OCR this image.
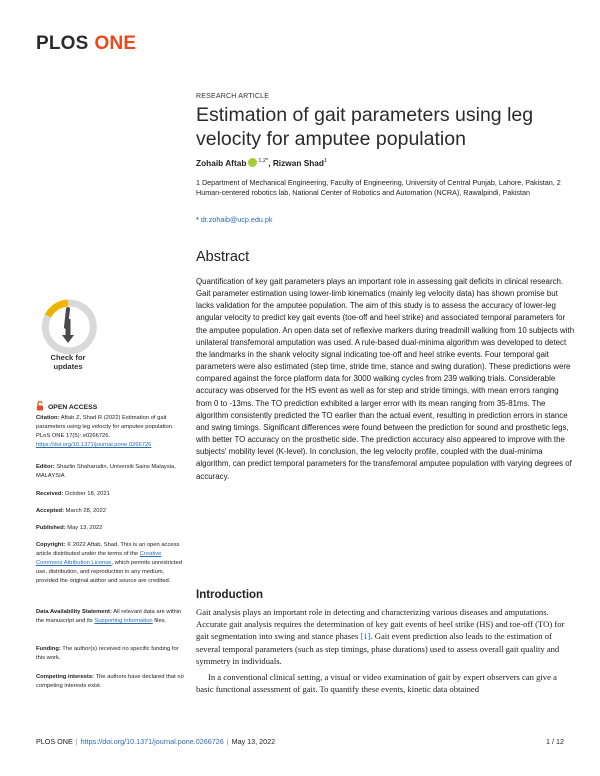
PLOS ONE
RESEARCH ARTICLE
Estimation of gait parameters using leg velocity for amputee population
Zohaib Aftab $^{1,2*}$, Rizwan Shad$^1$
1 Department of Mechanical Engineering, Faculty of Engineering, University of Central Punjab, Lahore, Pakistan, 2 Human-centered robotics lab, National Center of Robotics and Automation (NCRA), Rawalpindi, Pakistan
* dr.zohaib@ucp.edu.pk
Abstract

Quantification of key gait parameters plays an important role in assessing gait deficits in clinical research. Gait parameter estimation using lower-limb kinematics (mainly leg velocity data) has shown promise but lacks validation for the amputee population. The aim of this study is to assess the accuracy of lower-leg angular velocity to predict key gait events (toe-off and heel strike) and associated temporal parameters for the amputee population. An open data set of reflexive markers during treadmill walking from 10 subjects with unilateral transfemoral amputation was used. A rule-based dual-minima algorithm was developed to detect the landmarks in the shank velocity signal indicating toe-off and heel strike events. Four temporal gait parameters were also estimated (step time, stride time, stance and swing duration). These predictions were compared against the force platform data for 3000 walking cycles from 239 walking trials. Considerable accuracy was observed for the HS event as well as for step and stride timings, with mean errors ranging from 0 to -13ms. The TO prediction exhibited a larger error with its mean ranging from 35-81ms. The algorithm consistently predicted the TO earlier than the actual event, resulting in prediction errors in stance and swing timings. Significant differences were found between the prediction for sound and prosthetic legs, with better TO accuracy on the prosthetic side. The prediction accuracy also appeared to improve with the subjects' mobility level (K-level). In conclusion, the leg velocity profile, coupled with the dual-minima algorithm, can predict temporal parameters for the transfemoral amputee population with varying degrees of accuracy.

Introduction

Gait analysis plays an important role in detecting and characterizing various diseases and amputations. Accurate gait analysis requires the determination of key gait events of heel strike (HS) and toe-off (TO) for gait segmentation into swing and stance phases [1]. Gait event prediction also leads to the estimation of several temporal parameters (such as step timings, phase durations) used to assess overall gait quality and symmetry in individuals.

In a conventional clinical setting, a visual or video examination of gait by expert observers can give a basic functional assessment of gait. To quantify these events, kinetic data obtained

Check for
updates
OPEN ACCESS
Citation: Aftab Z, Shad R (2022) Estimation of gait parameters using leg velocity for amputee population. PLoS ONE 17(5): e0266726. https://doi.org/10.1371/journal.pone.0266726
Editor: Shazlin Shaharudin, Universiti Sains Malaysia, MALAYSIA
Received: October 18, 2021
Accepted: March 28, 2022
Published: May 13, 2022
Copyright: © 2022 Aftab, Shad. This is an open access article distributed under the terms of the Creative Commons Attribution License, which permits unrestricted use, distribution, and reproduction in any medium, provided the original author and source are credited.
Data Availability Statement: All relevant data are within the manuscript and its Supporting information files.
Funding: The author(s) received no specific funding for this work.
Competing interests: The authors have declared that no competing interests exist.
PLOS ONE | https://doi.org/10.1371/journal.pone.0266726 | May 13, 2022	1 / 12
